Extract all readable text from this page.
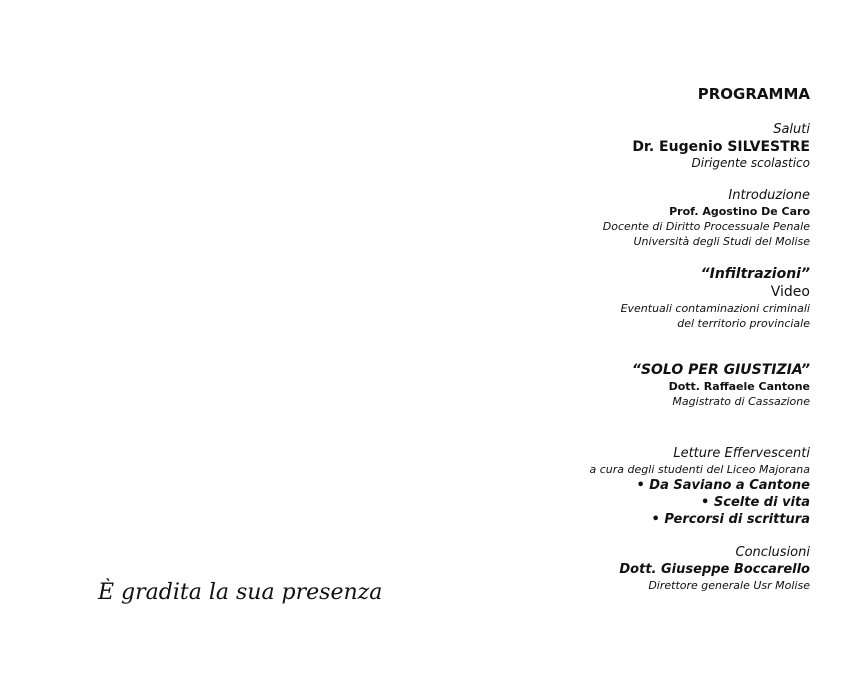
È gradita la sua presenza
PROGRAMMA
Saluti
Dr. Eugenio SILVESTRE
Dirigente scolastico
Introduzione
Prof. Agostino De Caro
Docente di Diritto Processuale Penale
Università degli Studi del Molise
“Infiltrazioni”
Video
Eventuali contaminazioni criminali
del territorio provinciale
“SOLO PER GIUSTIZIA”
Dott. Raffaele Cantone
Magistrato di Cassazione
Letture Effervescenti
a cura degli studenti del Liceo Majorana
• Da Saviano a Cantone
• Scelte di vita
• Percorsi di scrittura
Conclusioni
Dott. Giuseppe Boccarello
Direttore generale Usr Molise
